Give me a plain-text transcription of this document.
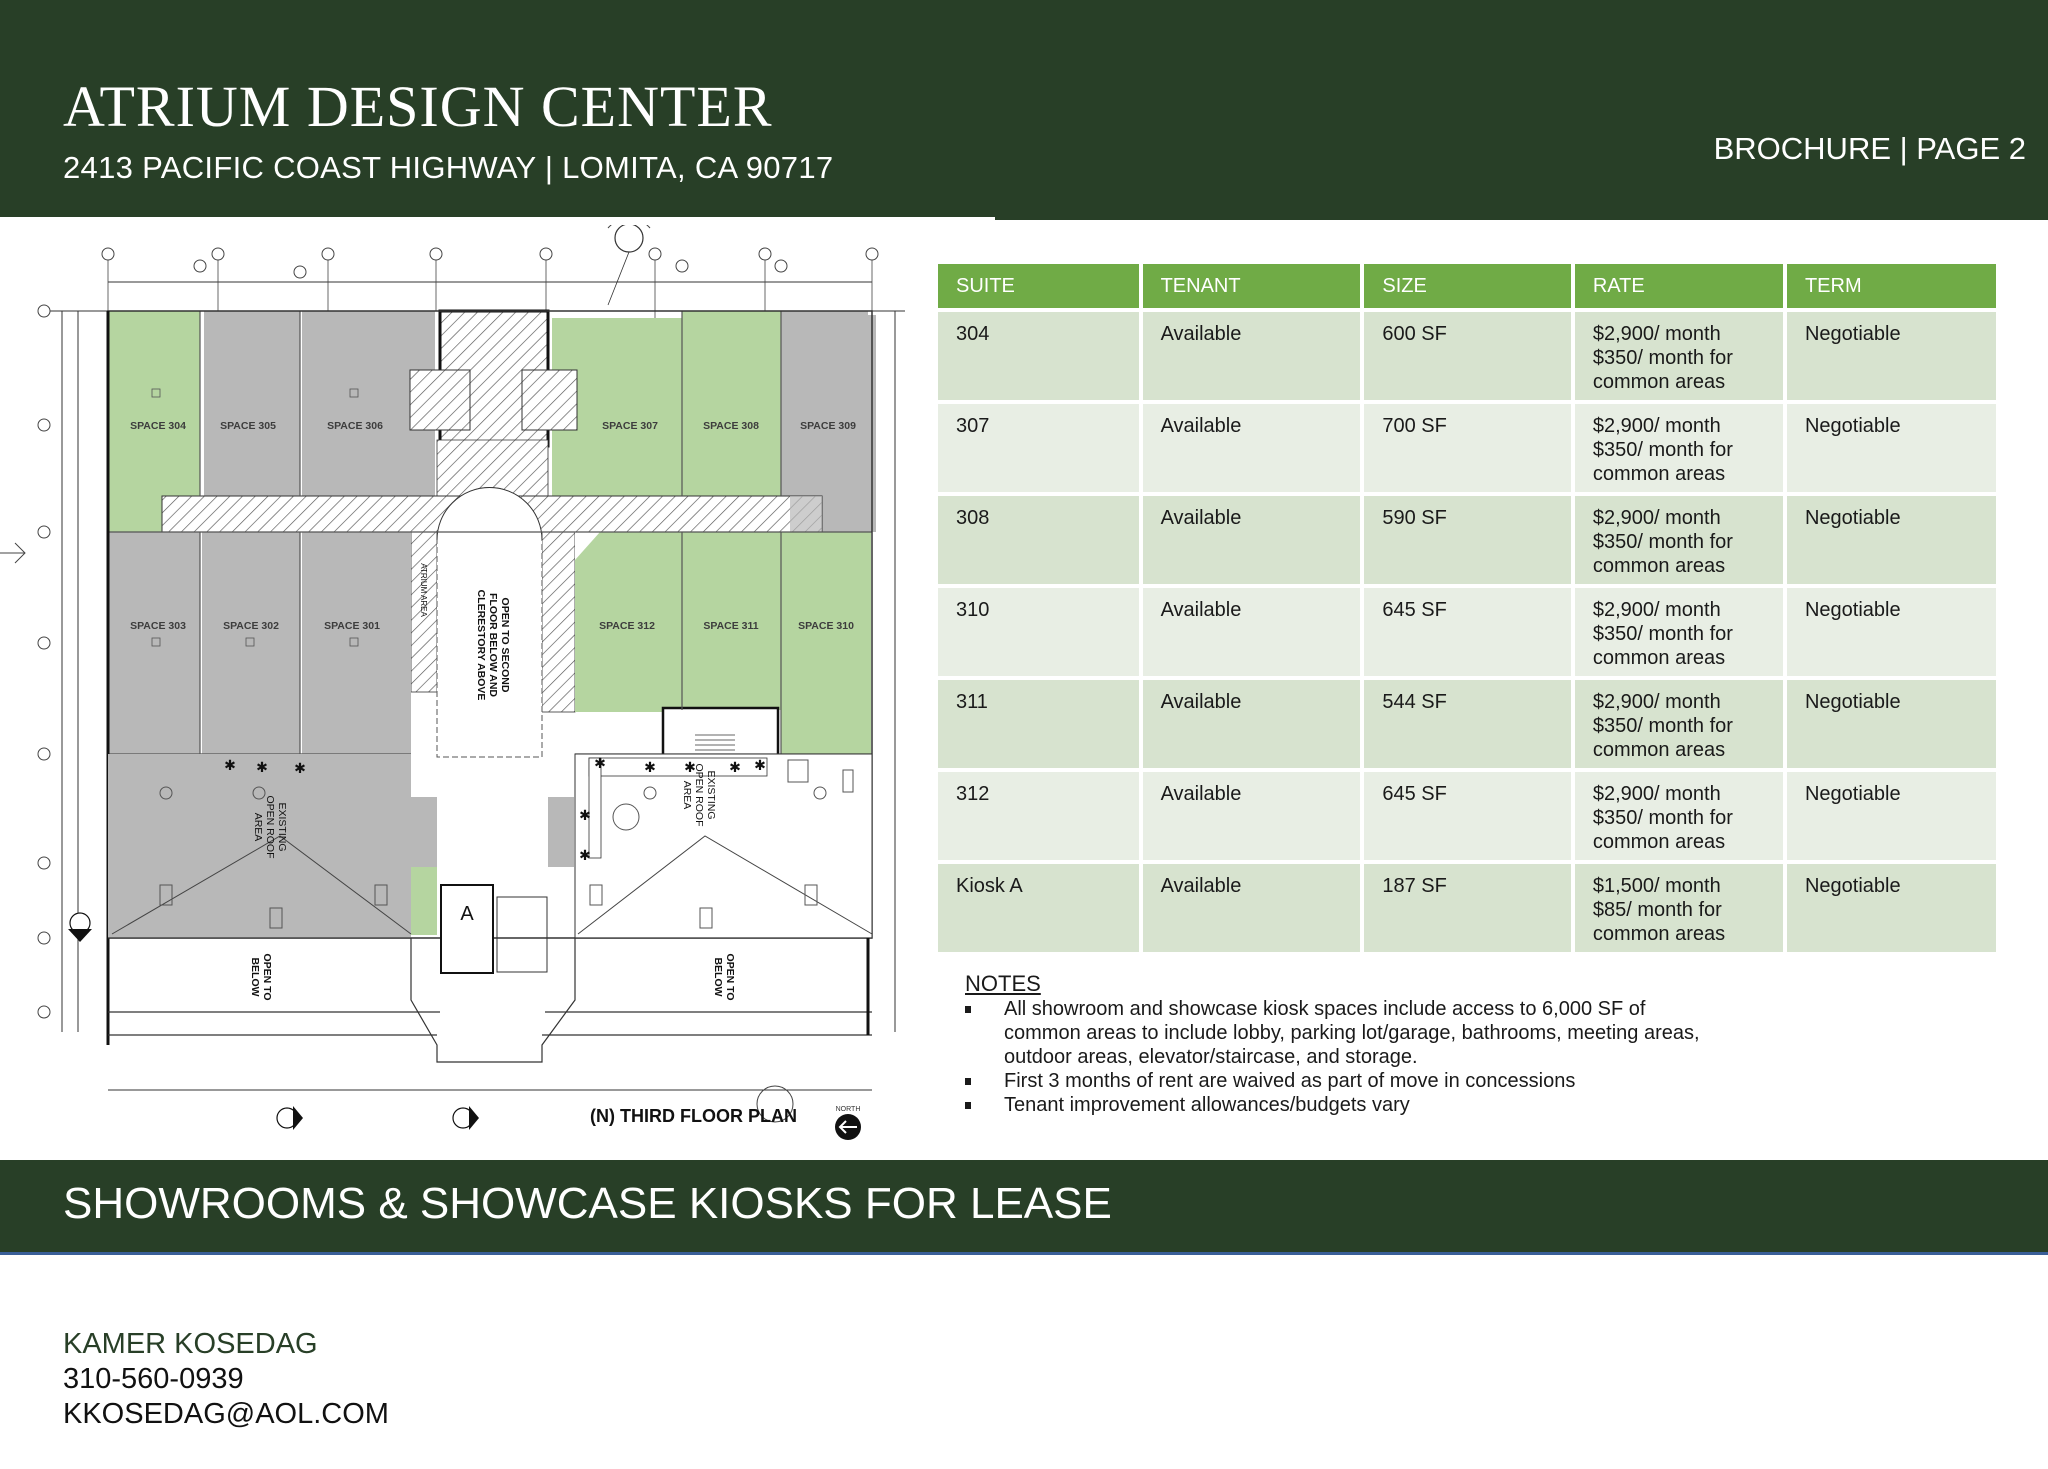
ATRIUM DESIGN CENTER
2413 PACIFIC COAST HIGHWAY | LOMITA, CA 90717
BROCHURE | PAGE 2
✱ ✱ ✱	✱	✱ ✱ ✱ ✱
✱
✱
A
SPACE 304	SPACE 305	SPACE 306	SPACE 307	SPACE 308	SPACE 309
SPACE 303	SPACE 302	SPACE 301	SPACE 312	SPACE 311	SPACE 310
OPEN TO SECOND
FLOOR BELOW AND
CLERESTORY ABOVE
EXISTING
OPEN ROOF
AREA
EXISTING
OPEN ROOF
AREA
OPEN TO
BELOW	OPEN TO
BELOW
ATRIUM AREA
(N) THIRD FLOOR PLAN	NORTH
SUITE	TENANT	SIZE	RATE	TERM
304	Available	600 SF	$2,900/ month
$350/ month for
common areas	Negotiable
307	Available	700 SF	$2,900/ month
$350/ month for
common areas	Negotiable
308	Available	590 SF	$2,900/ month
$350/ month for
common areas	Negotiable
310	Available	645 SF	$2,900/ month
$350/ month for
common areas	Negotiable
311	Available	544 SF	$2,900/ month
$350/ month for
common areas	Negotiable
312	Available	645 SF	$2,900/ month
$350/ month for
common areas	Negotiable
Kiosk A	Available	187 SF	$1,500/ month
$85/ month for
common areas	Negotiable
NOTES
All showroom and showcase kiosk spaces include access to 6,000 SF of common areas to include lobby, parking lot/garage, bathrooms, meeting areas, outdoor areas, elevator/staircase, and storage.
First 3 months of rent are waived as part of move in concessions
Tenant improvement allowances/budgets vary
SHOWROOMS & SHOWCASE KIOSKS FOR LEASE
KAMER KOSEDAG
310-560-0939
KKOSEDAG@AOL.COM
